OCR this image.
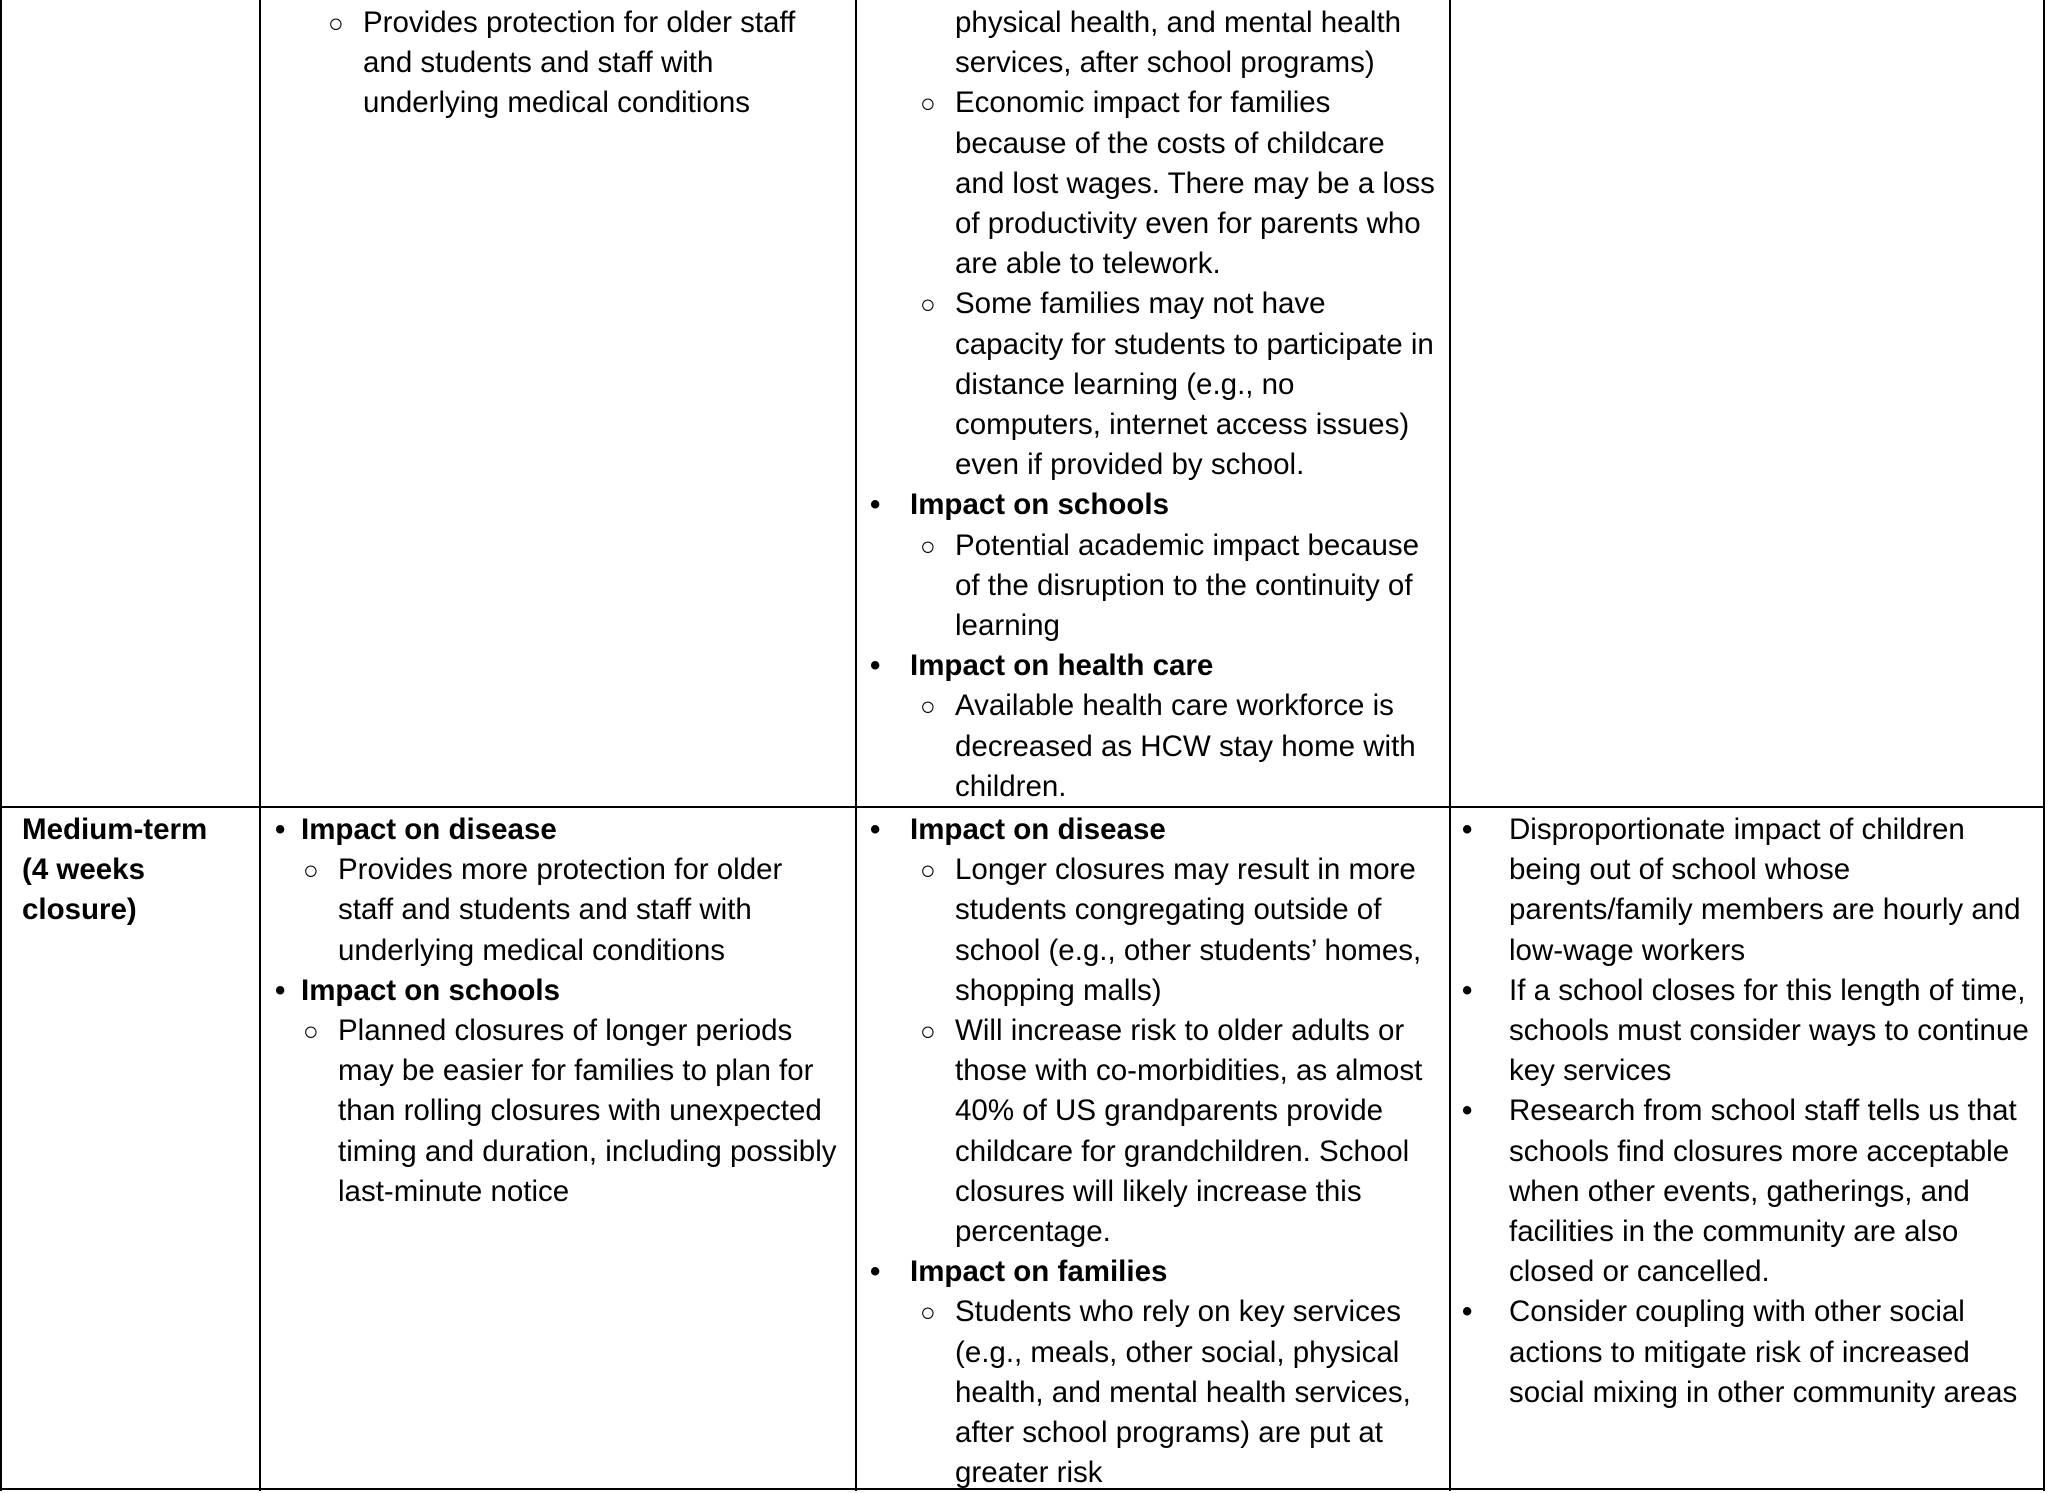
○ Provides protection for older staff and students and staff with underlying medical conditions
physical health, and mental health services, after school programs)
○ Economic impact for families because of the costs of childcare and lost wages. There may be a loss of productivity even for parents who are able to telework.
○ Some families may not have capacity for students to participate in distance learning (e.g., no computers, internet access issues) even if provided by school.
• Impact on schools
○ Potential academic impact because of the disruption to the continuity of learning
• Impact on health care
○ Available health care workforce is decreased as HCW stay home with children.
Medium-term
(4 weeks
closure)
• Impact on disease
○ Provides more protection for older staff and students and staff with underlying medical conditions
• Impact on schools
○ Planned closures of longer periods may be easier for families to plan for than rolling closures with unexpected timing and duration, including possibly last-minute notice
• Impact on disease
○ Longer closures may result in more students congregating outside of school (e.g., other students’ homes, shopping malls)
○ Will increase risk to older adults or those with co-morbidities, as almost 40% of US grandparents provide childcare for grandchildren. School closures will likely increase this percentage.
• Impact on families
○ Students who rely on key services (e.g., meals, other social, physical health, and mental health services, after school programs) are put at greater risk
• Disproportionate impact of children being out of school whose parents/family members are hourly and low-wage workers
• If a school closes for this length of time, schools must consider ways to continue key services
• Research from school staff tells us that schools find closures more acceptable when other events, gatherings, and facilities in the community are also closed or cancelled.
• Consider coupling with other social actions to mitigate risk of increased social mixing in other community areas
